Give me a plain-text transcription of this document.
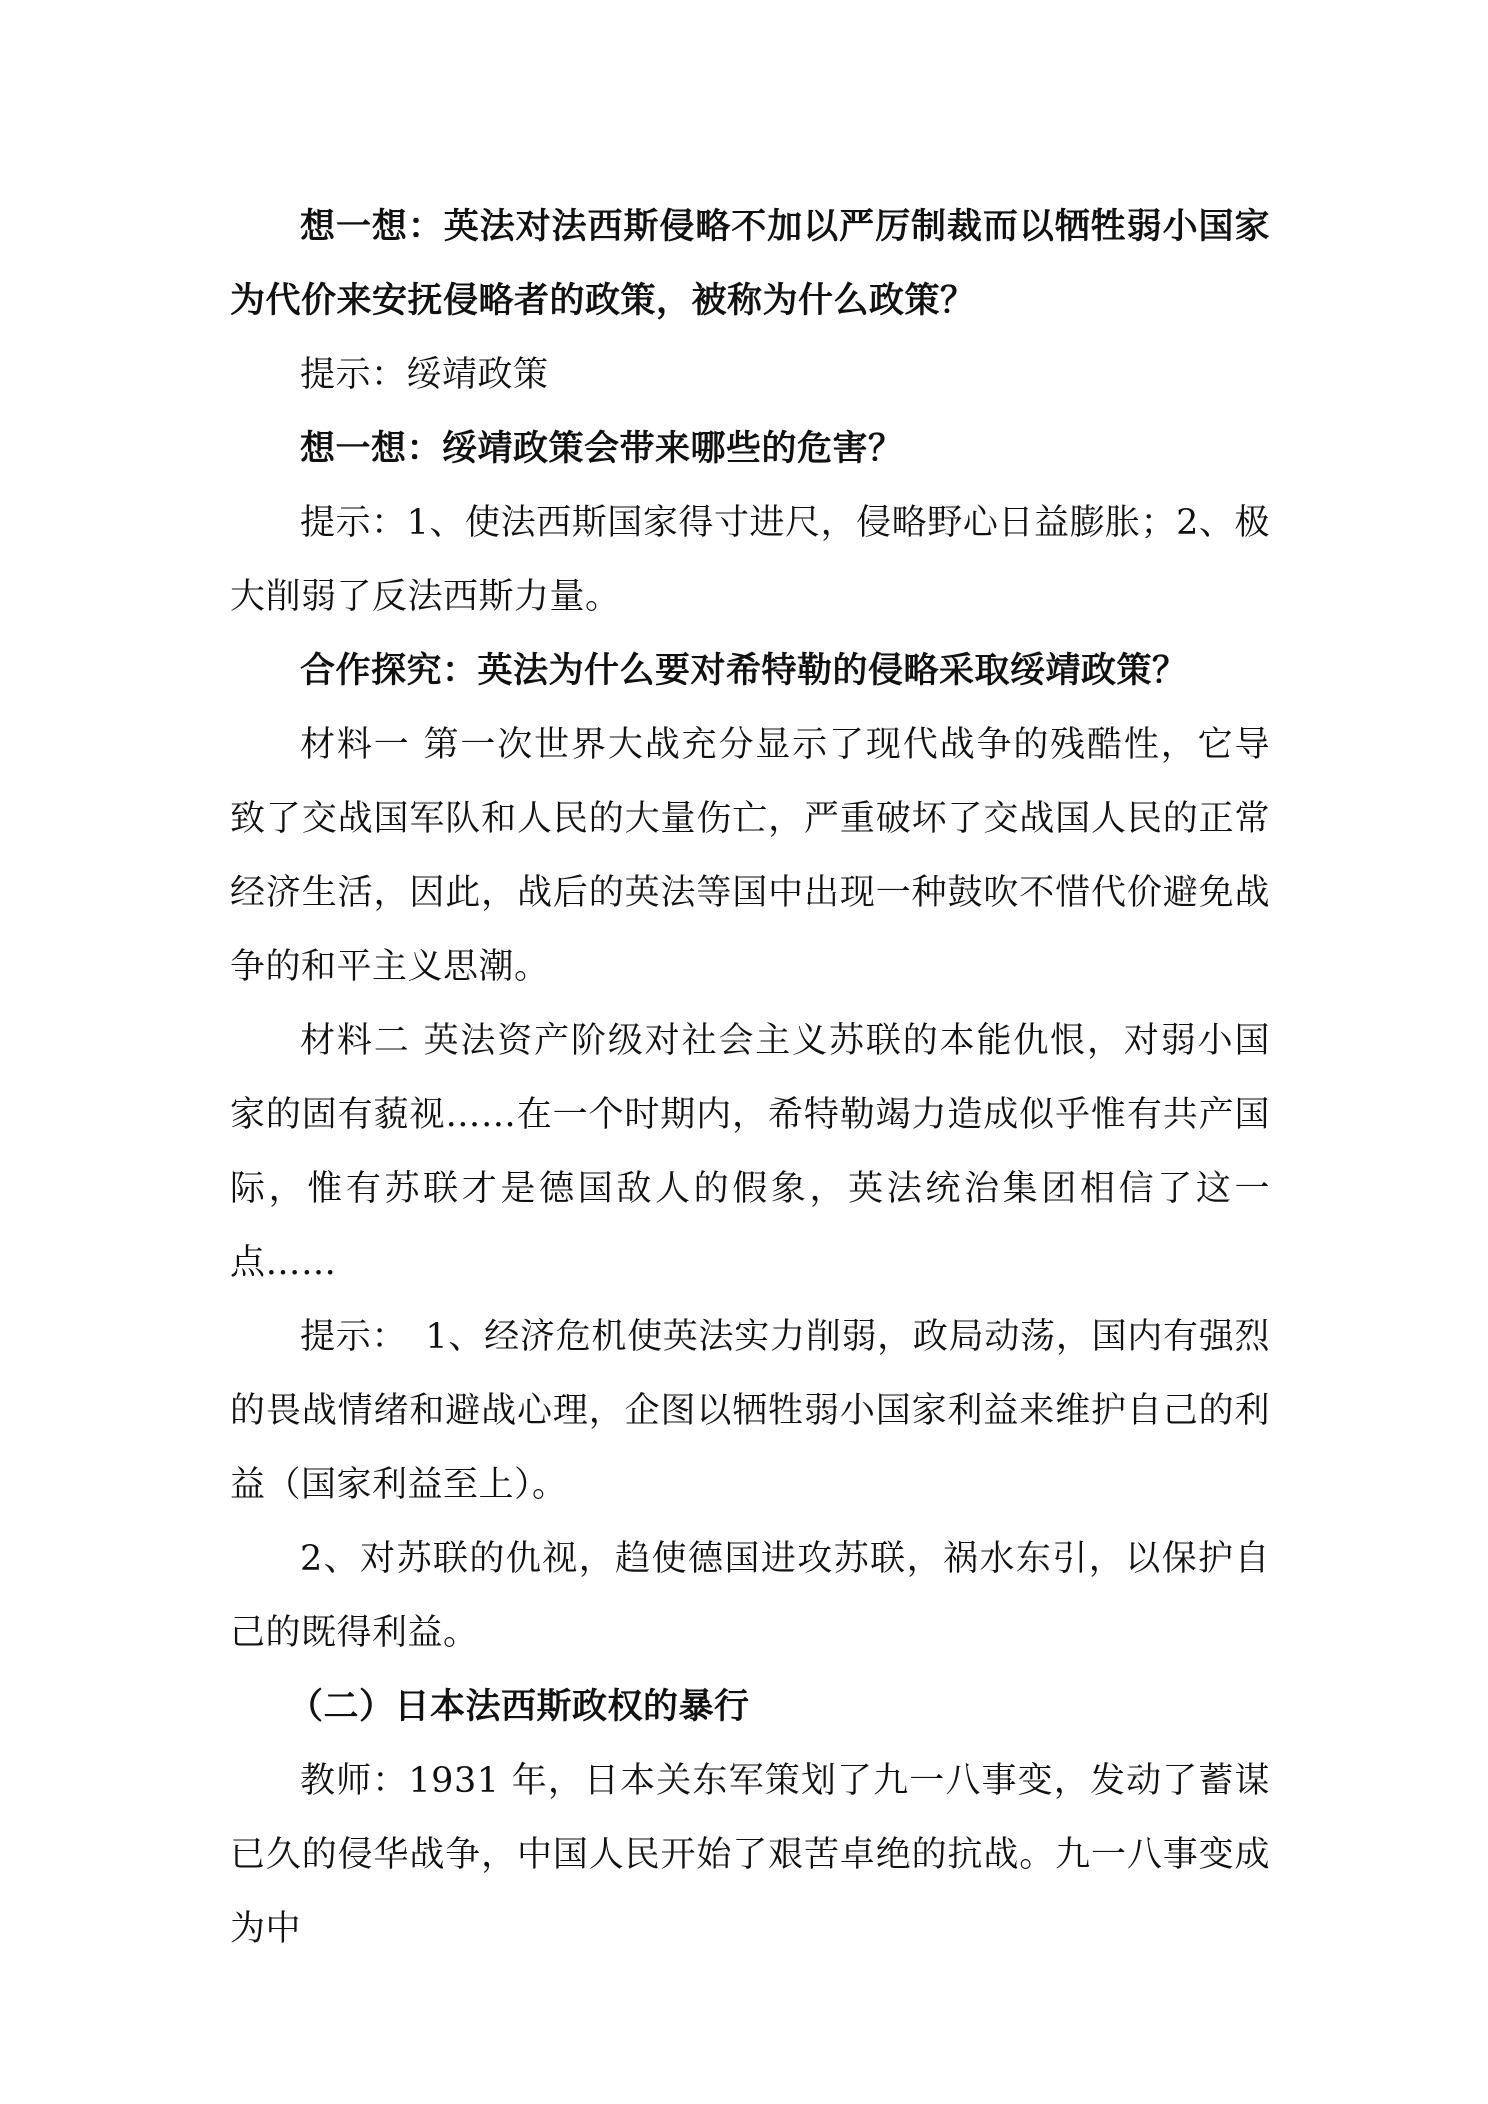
想一想：英法对法西斯侵略不加以严厉制裁而以牺牲弱小国家为代价来安抚侵略者的政策，被称为什么政策？

提示：绥靖政策

想一想：绥靖政策会带来哪些的危害？

提示：1、使法西斯国家得寸进尺，侵略野心日益膨胀；2、极大削弱了反法西斯力量。

合作探究：英法为什么要对希特勒的侵略采取绥靖政策？

材料一 第一次世界大战充分显示了现代战争的残酷性，它导致了交战国军队和人民的大量伤亡，严重破坏了交战国人民的正常经济生活，因此，战后的英法等国中出现一种鼓吹不惜代价避免战争的和平主义思潮。

材料二 英法资产阶级对社会主义苏联的本能仇恨，对弱小国家的固有藐视……在一个时期内，希特勒竭力造成似乎惟有共产国际，惟有苏联才是德国敌人的假象，英法统治集团相信了这一点……

提示：　1、经济危机使英法实力削弱，政局动荡，国内有强烈的畏战情绪和避战心理，企图以牺牲弱小国家利益来维护自己的利益（国家利益至上）。

2、对苏联的仇视，趋使德国进攻苏联，祸水东引，以保护自己的既得利益。

（二）日本法西斯政权的暴行

教师：1931 年，日本关东军策划了九一八事变，发动了蓄谋已久的侵华战争，中国人民开始了艰苦卓绝的抗战。九一八事变成为中
